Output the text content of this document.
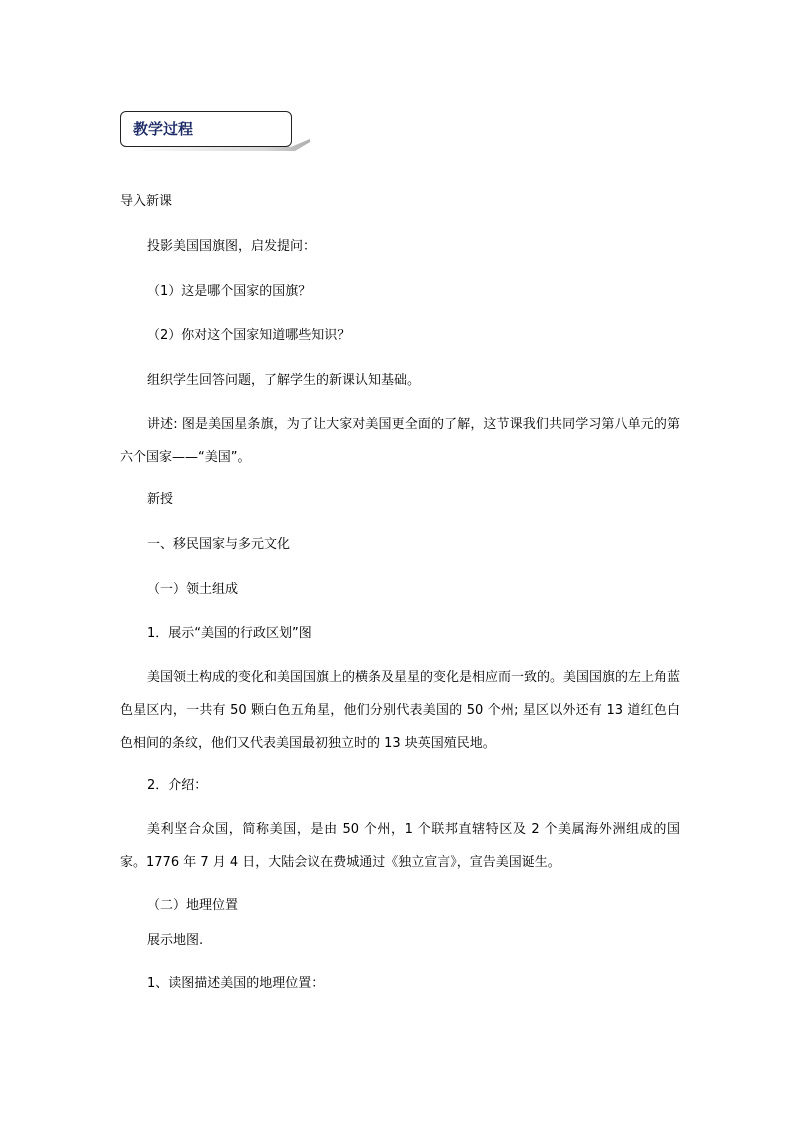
教学过程

导入新课

投影美国国旗图，启发提问：

（1）这是哪个国家的国旗？

（2）你对这个国家知道哪些知识？

组织学生回答问题，了解学生的新课认知基础。

讲述: 图是美国星条旗，为了让大家对美国更全面的了解，这节课我们共同学习第八单元的第六个国家——“美国”。

新授

一、移民国家与多元文化

（一）领土组成

1．展示“美国的行政区划”图

美国领土构成的变化和美国国旗上的横条及星星的变化是相应而一致的。美国国旗的左上角蓝色星区内，一共有 50 颗白色五角星，他们分别代表美国的 50 个州; 星区以外还有 13 道红色白色相间的条纹，他们又代表美国最初独立时的 13 块英国殖民地。

2．介绍：

美利坚合众国，简称美国，是由 50 个州，1 个联邦直辖特区及 2 个美属海外洲组成的国家。1776 年 7 月 4 日，大陆会议在费城通过《独立宣言》，宣告美国诞生。

（二）地理位置

展示地图.

1、读图描述美国的地理位置：
